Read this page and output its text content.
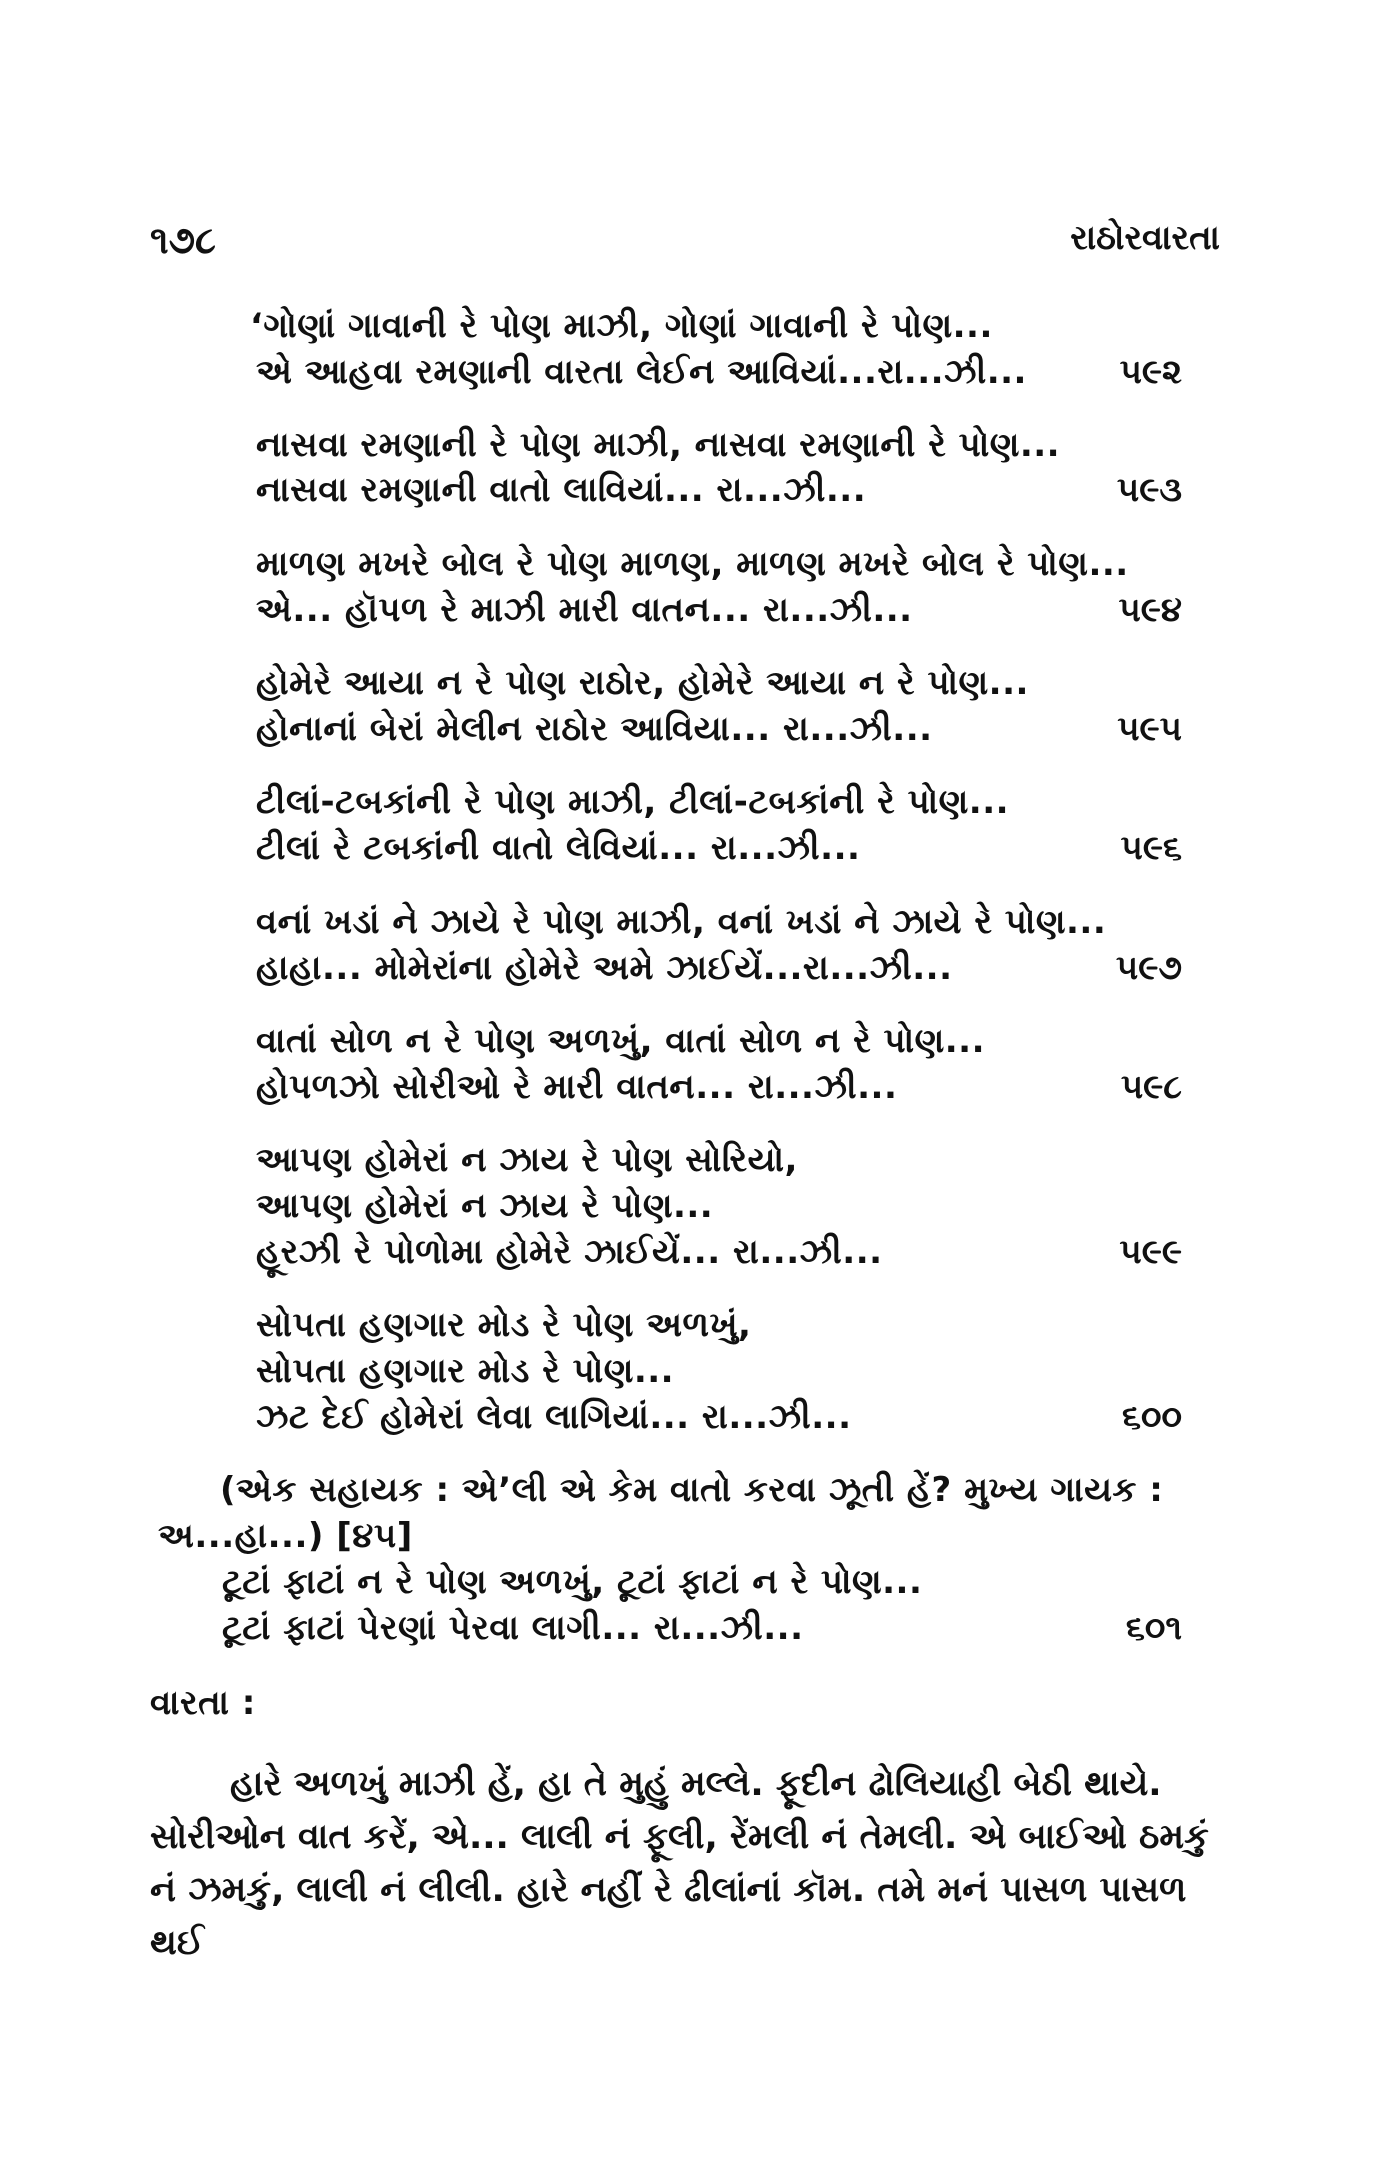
૧૭૮	રાઠોરવારતા
‘ગોણાં ગાવાની રે પોણ માઝી, ગોણાં ગાવાની રે પોણ...
એ આહવા રમણાની વારતા લેઈન આવિયાં...રા...ઝી...	૫૯૨
નાસવા રમણાની રે પોણ માઝી, નાસવા રમણાની રે પોણ...
નાસવા રમણાની વાતો લાવિયાં... રા...ઝી...	૫૯૩
માળણ મખરે બોલ રે પોણ માળણ, માળણ મખરે બોલ રે પોણ...
એ... હૉપળ રે માઝી મારી વાતન... રા...ઝી...	૫૯૪
હોમેરે આયા ન રે પોણ રાઠોર, હોમેરે આયા ન રે પોણ...
હોનાનાં બેરાં મેલીન રાઠોર આવિયા... રા...ઝી...	૫૯૫
ટીલાં-ટબકાંની રે પોણ માઝી, ટીલાં-ટબકાંની રે પોણ...
ટીલાં રે ટબકાંની વાતો લેવિયાં... રા...ઝી...	૫૯૬
વનાં ખડાં ને ઝાયે રે પોણ માઝી, વનાં ખડાં ને ઝાયે રે પોણ...
હાહા... મોમેરાંના હોમેરે અમે ઝાઈયેં...રા...ઝી...	૫૯૭
વાતાં સોળ ન રે પોણ અળખું, વાતાં સોળ ન રે પોણ...
હોપળઝો સોરીઓ રે મારી વાતન... રા...ઝી...	૫૯૮
આપણ હોમેરાં ન ઝાય રે પોણ સોરિયો,
આપણ હોમેરાં ન ઝાય રે પોણ...
હૂરઝી રે પોળોમા હોમેરે ઝાઈયેં... રા...ઝી...	૫૯૯
સોપતા હણગાર મોડ રે પોણ અળખું,
સોપતા હણગાર મોડ રે પોણ...
ઝટ દેઈ હોમેરાં લેવા લાગિયાં... રા...ઝી...	૬૦૦
(એક સહાયક : એ’લી એ કેમ વાતો કરવા ઝૂતી હેં? મુખ્ય ગાયક :
અ...હા...) [૪૫]
ટૂટાં ફાટાં ન રે પોણ અળખું, ટૂટાં ફાટાં ન રે પોણ...
ટૂટાં ફાટાં પેરણાં પેરવા લાગી... રા...ઝી...	૬૦૧
વારતા :
હારે અળખું માઝી હેં, હા તે મુહું મલ્લે. ફૂદીન ઢોલિયાહી બેઠી થાયે. સોરીઓન વાત કરેં, એ... લાલી નં ફૂલી, રેંમલી નં તેમલી. એ બાઈઓ ઠમકું નં ઝમકું, લાલી નં લીલી. હારે નહીં રે ઢીલાંનાં કૉમ. તમે મનં પાસળ પાસળ થઈ
